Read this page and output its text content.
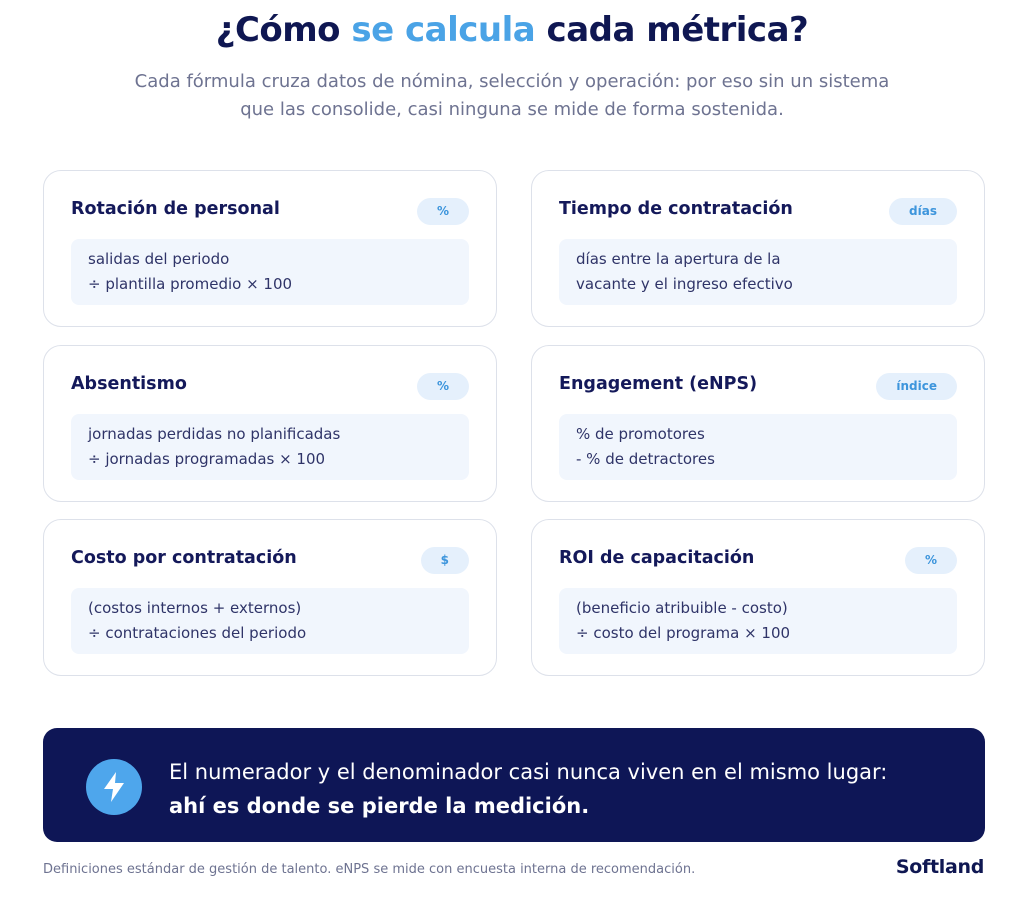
¿Cómo se calcula cada métrica?

Cada fórmula cruza datos de nómina, selección y operación: por eso sin un sistema
que las consolide, casi ninguna se mide de forma sostenida.

Rotación de personal	%
salidas del periodo
÷ plantilla promedio × 100
Tiempo de contratación	días
días entre la apertura de la
vacante y el ingreso efectivo
Absentismo	%
jornadas perdidas no planificadas
÷ jornadas programadas × 100
Engagement (eNPS)	índice
% de promotores
- % de detractores
Costo por contratación	$
(costos internos + externos)
÷ contrataciones del periodo
ROI de capacitación	%
(beneficio atribuible - costo)
÷ costo del programa × 100
El numerador y el denominador casi nunca viven en el mismo lugar:
ahí es donde se pierde la medición.
Definiciones estándar de gestión de talento. eNPS se mide con encuesta interna de recomendación.	Softland
